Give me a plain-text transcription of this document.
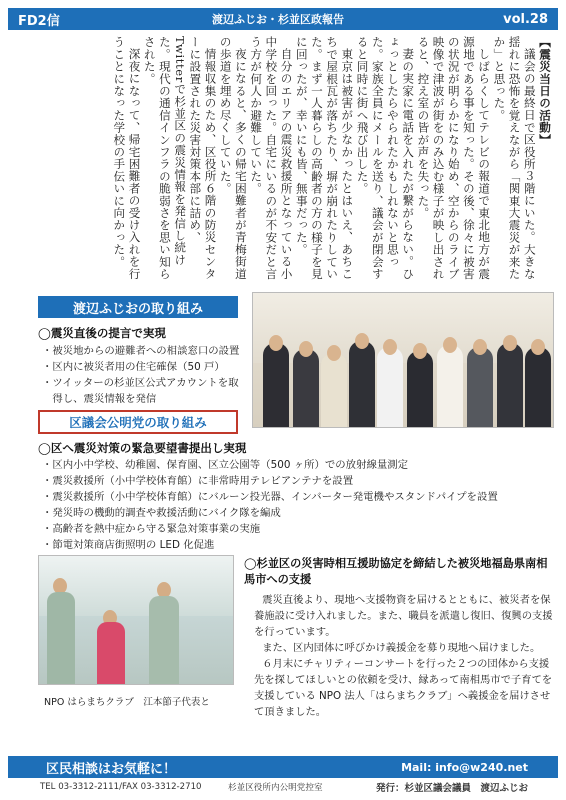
FD2信	渡辺ふじお・杉並区政報告	vol.28
【震災当日の活動】

議会の最終日で区役所３階にいた。大きな揺れに恐怖を覚えながら「関東大震災が来たか」と思った。

しばらくしてテレビの報道で東北地方が震源地である事を知った。その後、徐々に被害の状況が明らかになり始め、空からのライブ映像で津波が街をのみ込む様子が映し出されると、控え室の皆が声を失った。

妻の実家に電話を入れたが繋がらない。ひょっとしたらやられたかもしれないと思った。家族全員にメールを送り、議会が閉会すると同時に街へ飛び出した。

東京は被害が少なかったとはいえ、あちこちで屋根瓦が落ちたり、塀が崩れたりしていた。まず一人暮らしの高齢者の方の様子を見に回ったが、幸いにも皆、無事だった。

自分のエリアの震災救援所となっている小中学校を回った。自宅にいるのが不安だと言う方が何人か避難していた。

夜になると、多くの帰宅困難者が青梅街道の歩道を埋め尽くしていた。

情報収集のため、区役所６階の防災センターに設置された災害対策本部に詰め、Twitterで杉並区の震災情報を発信し続けた。現代の通信インフラの脆弱さを思い知らされた。

深夜になって、帰宅困難者の受け入れを行うことになった学校の手伝いに向かった。

渡辺ふじおの取り組み
◯震災直後の提言で実現
・被災地からの避難者への相談窓口の設置
・区内に被災者用の住宅確保（50 戸）
・ツイッターの杉並区公式アカウントを取
　得し、震災情報を発信
区議会公明党の取り組み
◯区へ震災対策の緊急要望書提出し実現
・区内小中学校、幼稚園、保育園、区立公園等（500 ヶ所）での放射線量測定
・震災救援所（小中学校体育館）に非常時用テレビアンテナを設置
・震災救援所（小中学校体育館）にバルーン投光器、インバーター発電機やスタンドパイプを設置
・発災時の機動的調査や救援活動にバイク隊を編成
・高齢者を熱中症から守る緊急対策事業の実施
・節電対策商店街照明の LED 化促進
NPO はらまちクラブ　江本節子代表と
◯杉並区の災害時相互援助協定を締結した被災地福島県南相馬市への支援

震災直後より、現地へ支援物資を届けるとともに、被災者を保養施設に受け入れました。また、職員を派遣し復旧、復興の支援を行っています。

また、区内団体に呼びかけ義援金を募り現地へ届けました。

６月末にチャリティーコンサートを行った２つの団体から支援先を探してほしいとの依頼を受け、縁あって南相馬市で子育てを支援している NPO 法人「はらまちクラブ」へ義援金を届けさせて頂きました。

区民相談はお気軽に！	Mail: info@w240.net
TEL 03-3312-2111/FAX 03-3312-2710	杉並区役所内公明党控室	発行：杉並区議会議員　渡辺ふじお
